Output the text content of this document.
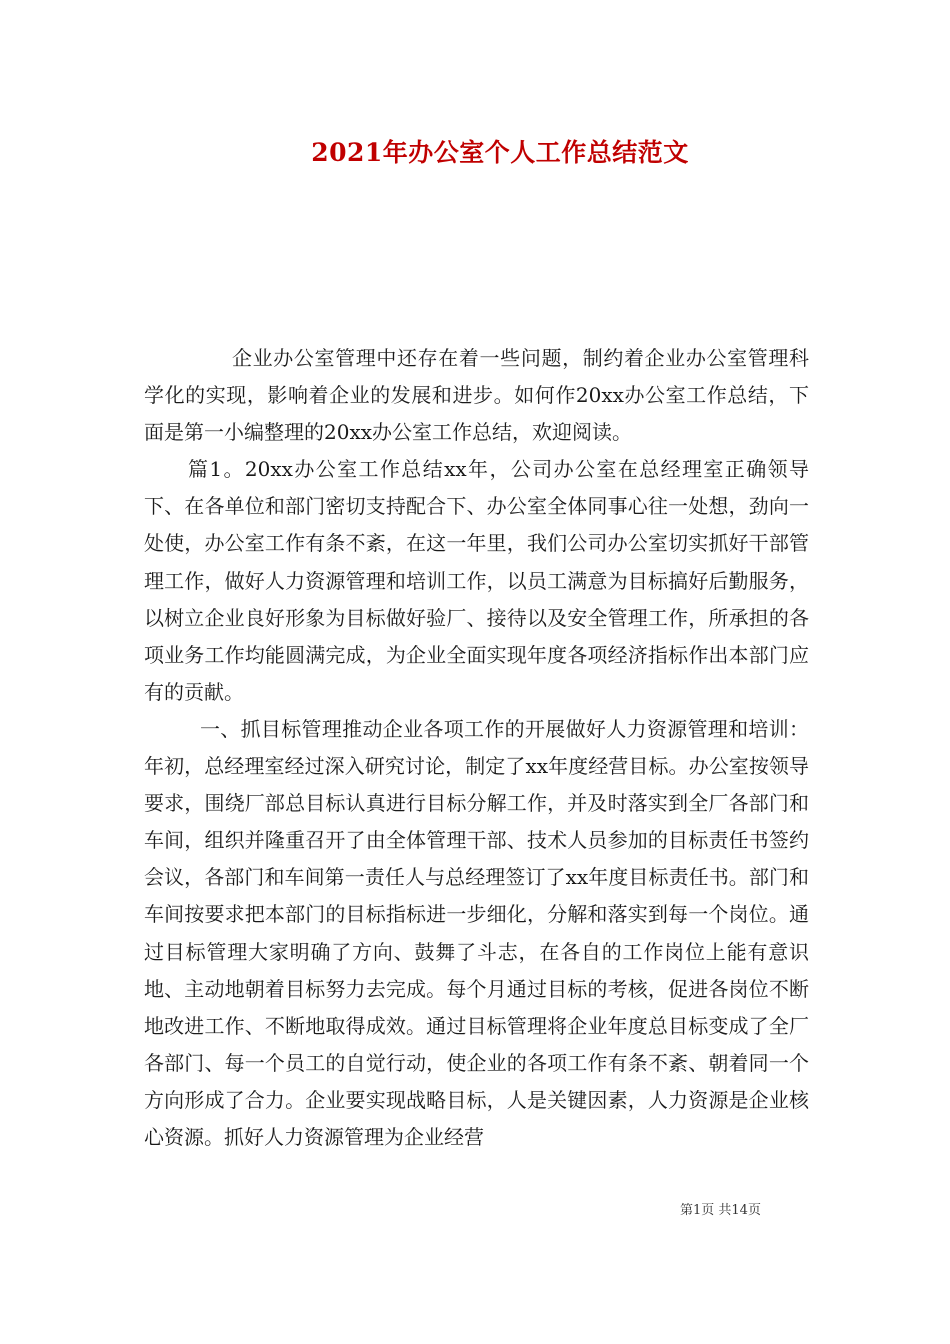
2021年办公室个人工作总结范文

企业办公室管理中还存在着一些问题，制约着企业办公室管理科学化的实现，影响着企业的发展和进步。如何作20xx办公室工作总结，下面是第一小编整理的20xx办公室工作总结，欢迎阅读。

篇1。20xx办公室工作总结xx年，公司办公室在总经理室正确领导下、在各单位和部门密切支持配合下、办公室全体同事心往一处想，劲向一处使，办公室工作有条不紊，在这一年里，我们公司办公室切实抓好干部管理工作，做好人力资源管理和培训工作，以员工满意为目标搞好后勤服务，以树立企业良好形象为目标做好验厂、接待以及安全管理工作，所承担的各项业务工作均能圆满完成，为企业全面实现年度各项经济指标作出本部门应有的贡献。

一、抓目标管理推动企业各项工作的开展做好人力资源管理和培训：年初，总经理室经过深入研究讨论，制定了xx年度经营目标。办公室按领导要求，围绕厂部总目标认真进行目标分解工作，并及时落实到全厂各部门和车间，组织并隆重召开了由全体管理干部、技术人员参加的目标责任书签约会议，各部门和车间第一责任人与总经理签订了xx年度目标责任书。部门和车间按要求把本部门的目标指标进一步细化，分解和落实到每一个岗位。通过目标管理大家明确了方向、鼓舞了斗志，在各自的工作岗位上能有意识地、主动地朝着目标努力去完成。每个月通过目标的考核，促进各岗位不断地改进工作、不断地取得成效。通过目标管理将企业年度总目标变成了全厂各部门、每一个员工的自觉行动，使企业的各项工作有条不紊、朝着同一个方向形成了合力。企业要实现战略目标，人是关键因素，人力资源是企业核心资源。抓好人力资源管理为企业经营

第1页 共14页
